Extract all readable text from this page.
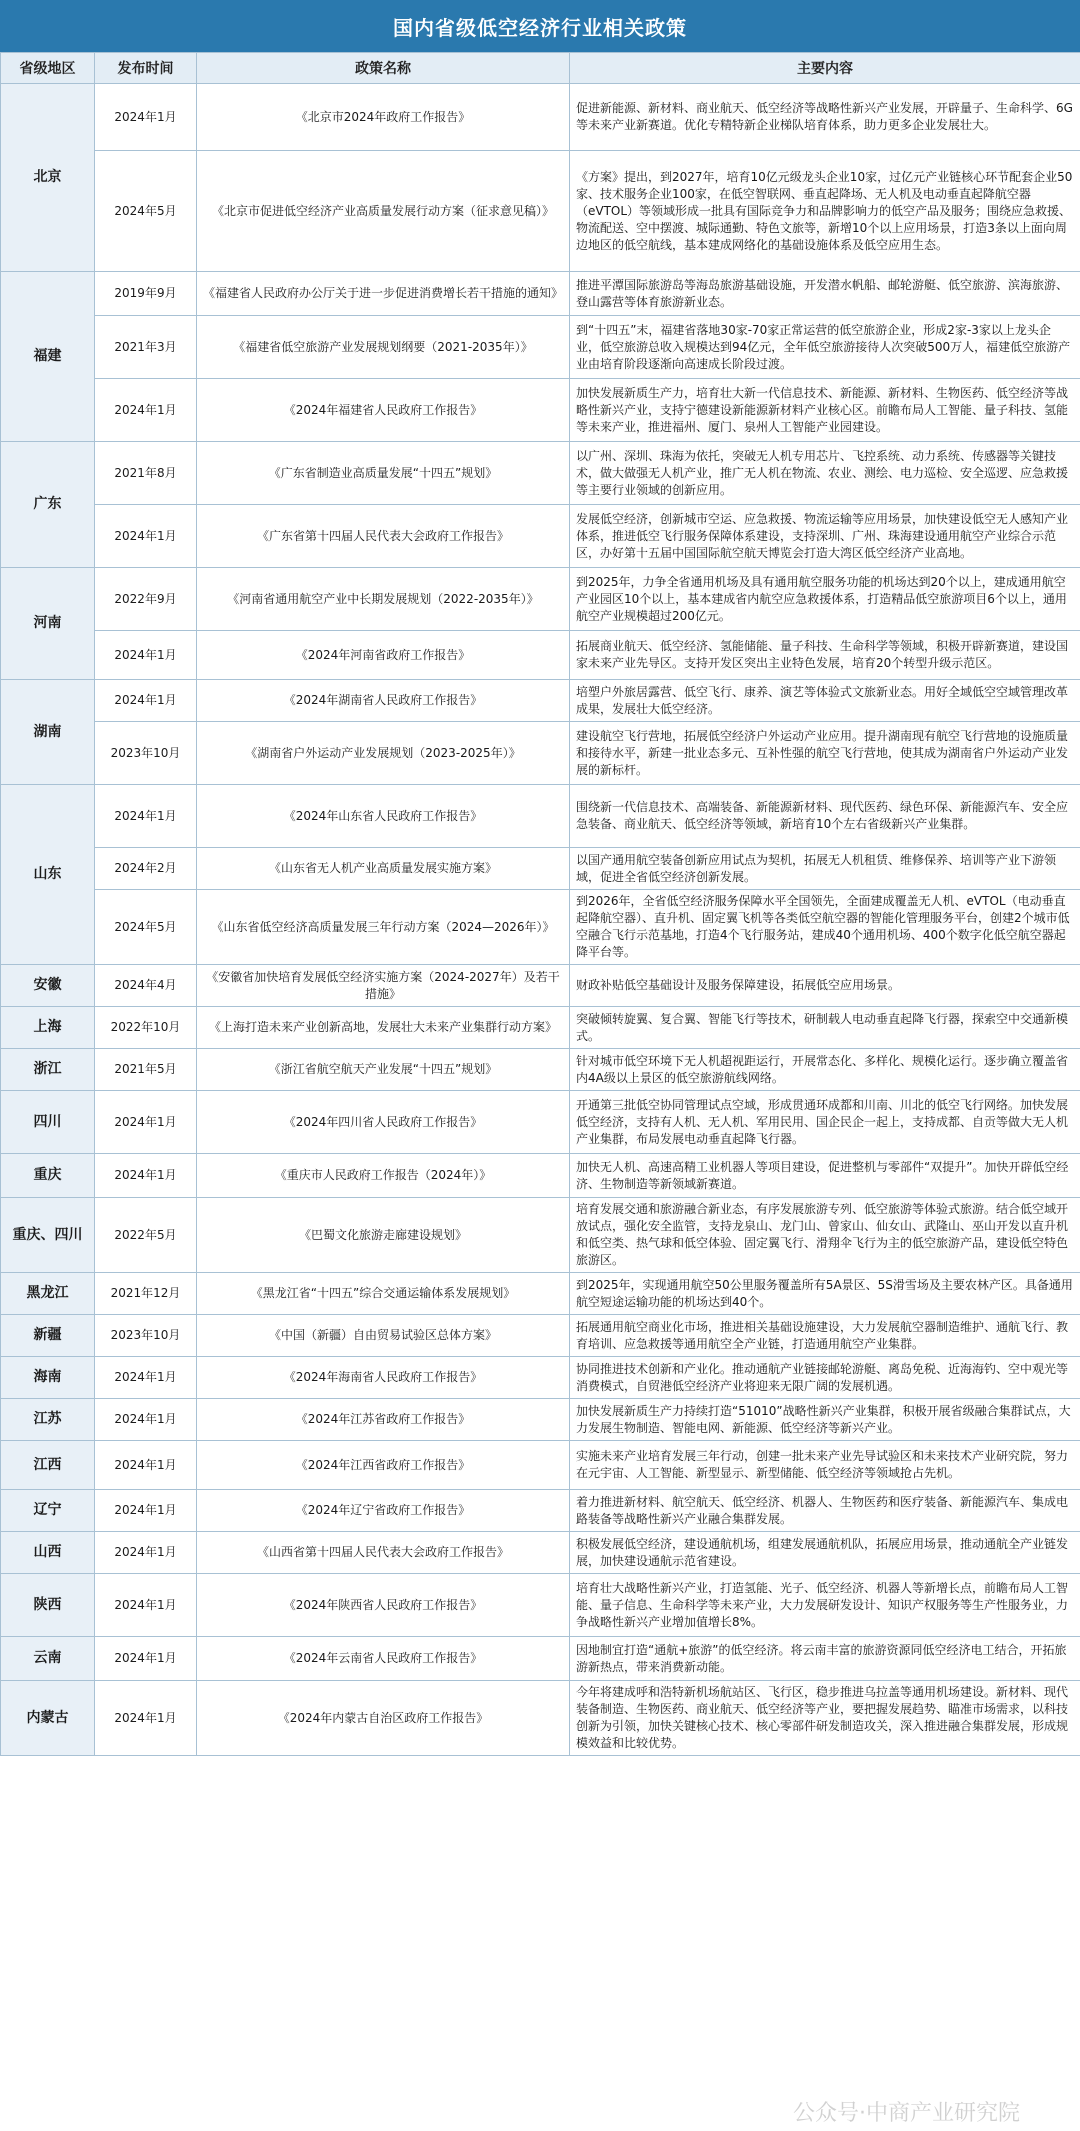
国内省级低空经济行业相关政策
省级地区	发布时间	政策名称	主要内容
北京	2024年1月	《北京市2024年政府工作报告》	促进新能源、新材料、商业航天、低空经济等战略性新兴产业发展，开辟量子、生命科学、6G等未来产业新赛道。优化专精特新企业梯队培育体系，助力更多企业发展壮大。
	2024年5月	《北京市促进低空经济产业高质量发展行动方案（征求意见稿）》	《方案》提出，到2027年，培育10亿元级龙头企业10家，过亿元产业链核心环节配套企业50家、技术服务企业100家，在低空智联网、垂直起降场、无人机及电动垂直起降航空器（eVTOL）等领域形成一批具有国际竞争力和品牌影响力的低空产品及服务；围绕应急救援、物流配送、空中摆渡、城际通勤、特色文旅等，新增10个以上应用场景，打造3条以上面向周边地区的低空航线，基本建成网络化的基础设施体系及低空应用生态。
福建	2019年9月	《福建省人民政府办公厅关于进一步促进消费增长若干措施的通知》	推进平潭国际旅游岛等海岛旅游基础设施，开发潜水帆船、邮轮游艇、低空旅游、滨海旅游、登山露营等体育旅游新业态。
	2021年3月	《福建省低空旅游产业发展规划纲要（2021-2035年）》	到“十四五”末，福建省落地30家-70家正常运营的低空旅游企业，形成2家-3家以上龙头企业，低空旅游总收入规模达到94亿元，全年低空旅游接待人次突破500万人，福建低空旅游产业由培育阶段逐渐向高速成长阶段过渡。
	2024年1月	《2024年福建省人民政府工作报告》	加快发展新质生产力，培育壮大新一代信息技术、新能源、新材料、生物医药、低空经济等战略性新兴产业，支持宁德建设新能源新材料产业核心区。前瞻布局人工智能、量子科技、氢能等未来产业，推进福州、厦门、泉州人工智能产业园建设。
广东	2021年8月	《广东省制造业高质量发展“十四五”规划》	以广州、深圳、珠海为依托，突破无人机专用芯片、飞控系统、动力系统、传感器等关键技术，做大做强无人机产业，推广无人机在物流、农业、测绘、电力巡检、安全巡逻、应急救援等主要行业领域的创新应用。
	2024年1月	《广东省第十四届人民代表大会政府工作报告》	发展低空经济，创新城市空运、应急救援、物流运输等应用场景，加快建设低空无人感知产业体系，推进低空飞行服务保障体系建设，支持深圳、广州、珠海建设通用航空产业综合示范区，办好第十五届中国国际航空航天博览会打造大湾区低空经济产业高地。
河南	2022年9月	《河南省通用航空产业中长期发展规划（2022-2035年）》	到2025年，力争全省通用机场及具有通用航空服务功能的机场达到20个以上，建成通用航空产业园区10个以上，基本建成省内航空应急救援体系，打造精品低空旅游项目6个以上，通用航空产业规模超过200亿元。
	2024年1月	《2024年河南省政府工作报告》	拓展商业航天、低空经济、氢能储能、量子科技、生命科学等领域，积极开辟新赛道，建设国家未来产业先导区。支持开发区突出主业特色发展，培育20个转型升级示范区。
湖南	2024年1月	《2024年湖南省人民政府工作报告》	培塑户外旅居露营、低空飞行、康养、演艺等体验式文旅新业态。用好全域低空空域管理改革成果，发展壮大低空经济。
	2023年10月	《湖南省户外运动产业发展规划（2023-2025年）》	建设航空飞行营地，拓展低空经济户外运动产业应用。提升湖南现有航空飞行营地的设施质量和接待水平，新建一批业态多元、互补性强的航空飞行营地，使其成为湖南省户外运动产业发展的新标杆。
山东	2024年1月	《2024年山东省人民政府工作报告》	围绕新一代信息技术、高端装备、新能源新材料、现代医药、绿色环保、新能源汽车、安全应急装备、商业航天、低空经济等领域，新培育10个左右省级新兴产业集群。
	2024年2月	《山东省无人机产业高质量发展实施方案》	以国产通用航空装备创新应用试点为契机，拓展无人机租赁、维修保养、培训等产业下游领域，促进全省低空经济创新发展。
	2024年5月	《山东省低空经济高质量发展三年行动方案（2024—2026年）》	到2026年，全省低空经济服务保障水平全国领先，全面建成覆盖无人机、eVTOL（电动垂直起降航空器）、直升机、固定翼飞机等各类低空航空器的智能化管理服务平台，创建2个城市低空融合飞行示范基地，打造4个飞行服务站，建成40个通用机场、400个数字化低空航空器起降平台等。
安徽	2024年4月	《安徽省加快培育发展低空经济实施方案（2024-2027年）及若干措施》	财政补贴低空基础设计及服务保障建设，拓展低空应用场景。
上海	2022年10月	《上海打造未来产业创新高地，发展壮大未来产业集群行动方案》	突破倾转旋翼、复合翼、智能飞行等技术，研制载人电动垂直起降飞行器，探索空中交通新模式。
浙江	2021年5月	《浙江省航空航天产业发展“十四五”规划》	针对城市低空环境下无人机超视距运行，开展常态化、多样化、规模化运行。逐步确立覆盖省内4A级以上景区的低空旅游航线网络。
四川	2024年1月	《2024年四川省人民政府工作报告》	开通第三批低空协同管理试点空域，形成贯通环成都和川南、川北的低空飞行网络。加快发展低空经济，支持有人机、无人机、军用民用、国企民企一起上，支持成都、自贡等做大无人机产业集群，布局发展电动垂直起降飞行器。
重庆	2024年1月	《重庆市人民政府工作报告（2024年）》	加快无人机、高速高精工业机器人等项目建设，促进整机与零部件“双提升”。加快开辟低空经济、生物制造等新领域新赛道。
重庆、四川	2022年5月	《巴蜀文化旅游走廊建设规划》	培育发展交通和旅游融合新业态，有序发展旅游专列、低空旅游等体验式旅游。结合低空域开放试点，强化安全监管，支持龙泉山、龙门山、曾家山、仙女山、武隆山、巫山开发以直升机和低空类、热气球和低空体验、固定翼飞行、滑翔伞飞行为主的低空旅游产品，建设低空特色旅游区。
黑龙江	2021年12月	《黑龙江省“十四五”综合交通运输体系发展规划》	到2025年，实现通用航空50公里服务覆盖所有5A景区、5S滑雪场及主要农林产区。具备通用航空短途运输功能的机场达到40个。
新疆	2023年10月	《中国（新疆）自由贸易试验区总体方案》	拓展通用航空商业化市场，推进相关基础设施建设，大力发展航空器制造维护、通航飞行、教育培训、应急救援等通用航空全产业链，打造通用航空产业集群。
海南	2024年1月	《2024年海南省人民政府工作报告》	协同推进技术创新和产业化。推动通航产业链接邮轮游艇、离岛免税、近海海钓、空中观光等消费模式，自贸港低空经济产业将迎来无限广阔的发展机遇。
江苏	2024年1月	《2024年江苏省政府工作报告》	加快发展新质生产力持续打造“51010”战略性新兴产业集群，积极开展省级融合集群试点，大力发展生物制造、智能电网、新能源、低空经济等新兴产业。
江西	2024年1月	《2024年江西省政府工作报告》	实施未来产业培育发展三年行动，创建一批未来产业先导试验区和未来技术产业研究院，努力在元宇宙、人工智能、新型显示、新型储能、低空经济等领域抢占先机。
辽宁	2024年1月	《2024年辽宁省政府工作报告》	着力推进新材料、航空航天、低空经济、机器人、生物医药和医疗装备、新能源汽车、集成电路装备等战略性新兴产业融合集群发展。
山西	2024年1月	《山西省第十四届人民代表大会政府工作报告》	积极发展低空经济，建设通航机场，组建发展通航机队，拓展应用场景，推动通航全产业链发展，加快建设通航示范省建设。
陕西	2024年1月	《2024年陕西省人民政府工作报告》	培育壮大战略性新兴产业，打造氢能、光子、低空经济、机器人等新增长点，前瞻布局人工智能、量子信息、生命科学等未来产业，大力发展研发设计、知识产权服务等生产性服务业，力争战略性新兴产业增加值增长8%。
云南	2024年1月	《2024年云南省人民政府工作报告》	因地制宜打造“通航+旅游”的低空经济。将云南丰富的旅游资源同低空经济电工结合，开拓旅游新热点，带来消费新动能。
内蒙古	2024年1月	《2024年内蒙古自治区政府工作报告》	今年将建成呼和浩特新机场航站区、飞行区，稳步推进乌拉盖等通用机场建设。新材料、现代装备制造、生物医药、商业航天、低空经济等产业，要把握发展趋势、瞄准市场需求，以科技创新为引领，加快关键核心技术、核心零部件研发制造攻关，深入推进融合集群发展，形成规模效益和比较优势。
公众号·中商产业研究院
